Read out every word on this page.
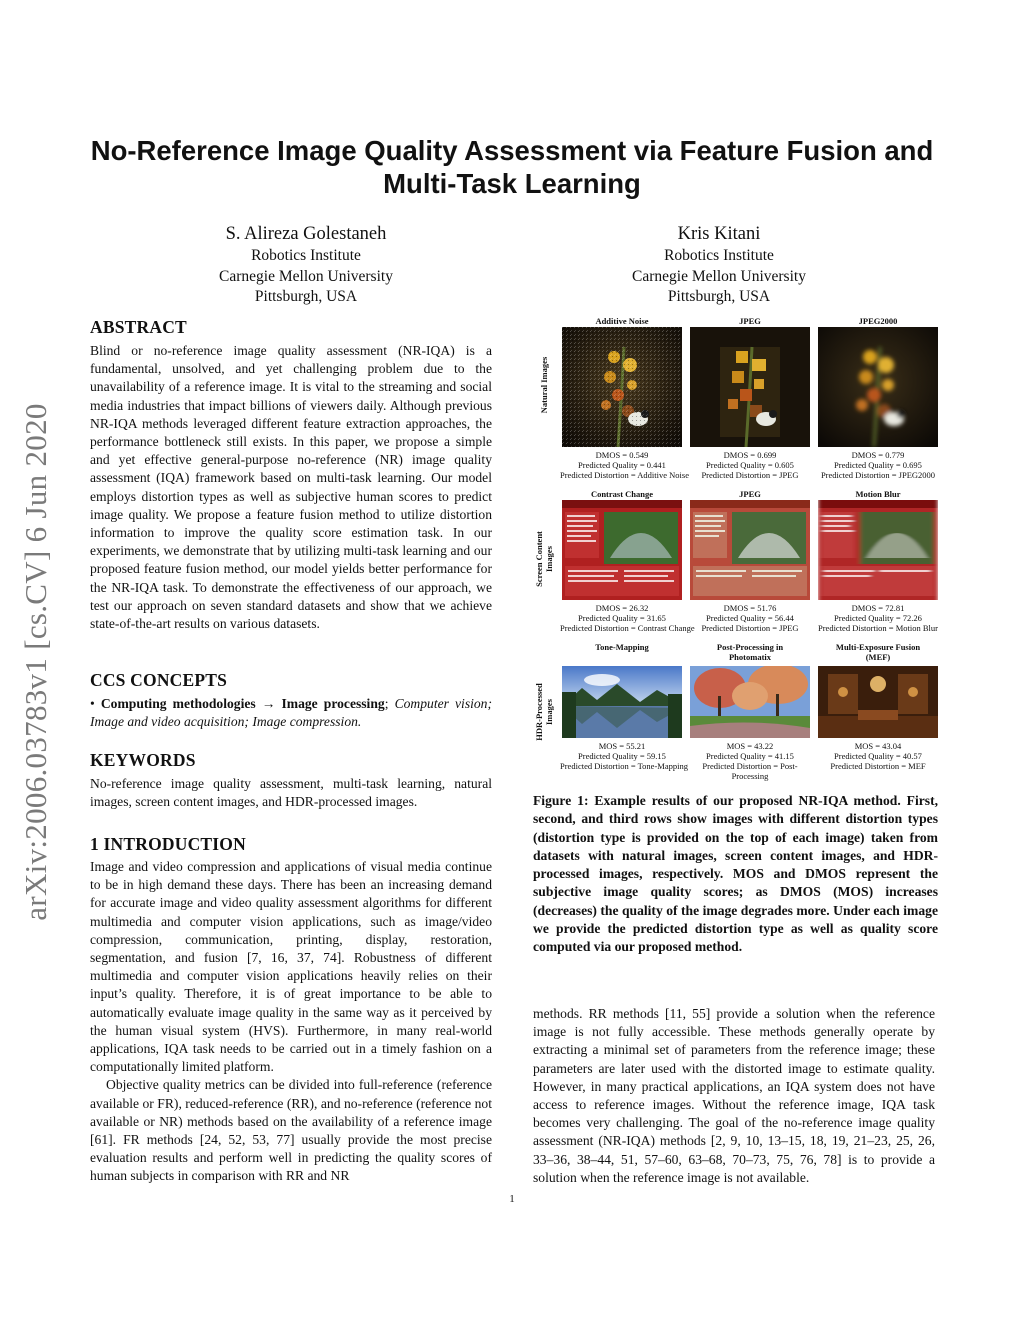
No-Reference Image Quality Assessment via Feature Fusion and Multi-Task Learning
S. Alireza Golestaneh
Robotics Institute
Carnegie Mellon University
Pittsburgh, USA
Kris Kitani
Robotics Institute
Carnegie Mellon University
Pittsburgh, USA
arXiv:2006.03783v1 [cs.CV] 6 Jun 2020
ABSTRACT

Blind or no-reference image quality assessment (NR-IQA) is a fundamental, unsolved, and yet challenging problem due to the unavailability of a reference image. It is vital to the streaming and social media industries that impact billions of viewers daily. Although previous NR-IQA methods leveraged different feature extraction approaches, the performance bottleneck still exists. In this paper, we propose a simple and yet effective general-purpose no-reference (NR) image quality assessment (IQA) framework based on multi-task learning. Our model employs distortion types as well as subjective human scores to predict image quality. We propose a feature fusion method to utilize distortion information to improve the quality score estimation task. In our experiments, we demonstrate that by utilizing multi-task learning and our proposed feature fusion method, our model yields better performance for the NR-IQA task. To demonstrate the effectiveness of our approach, we test our approach on seven standard datasets and show that we achieve state-of-the-art results on various datasets.

CCS CONCEPTS

• Computing methodologies → Image processing; Computer vision; Image and video acquisition; Image compression.

KEYWORDS

No-reference image quality assessment, multi-task learning, natural images, screen content images, and HDR-processed images.

1 INTRODUCTION

Image and video compression and applications of visual media continue to be in high demand these days. There has been an increasing demand for accurate image and video quality assessment algorithms for different multimedia and computer vision applications, such as image/video compression, communication, printing, display, restoration, segmentation, and fusion [7, 16, 37, 74]. Robustness of different multimedia and computer vision applications heavily relies on their input’s quality. Therefore, it is of great importance to be able to automatically evaluate image quality in the same way as it perceived by the human visual system (HVS). Furthermore, in many real-world applications, IQA task needs to be carried out in a timely fashion on a computationally limited platform.

Objective quality metrics can be divided into full-reference (reference available or FR), reduced-reference (RR), and no-reference (reference not available or NR) methods based on the availability of a reference image [61]. FR methods [24, 52, 53, 77] usually provide the most precise evaluation results and perform well in predicting the quality scores of human subjects in comparison with RR and NR

Natural Images
Screen Content Images
HDR-Processed Images
Additive Noise
DMOS = 0.549
Predicted Quality = 0.441
Predicted Distortion = Additive Noise
JPEG
DMOS = 0.699
Predicted Quality = 0.605
Predicted Distortion = JPEG
JPEG2000
DMOS = 0.779
Predicted Quality = 0.695
Predicted Distortion = JPEG2000
Contrast Change
DMOS = 26.32
Predicted Quality = 31.65
Predicted Distortion = Contrast Change
JPEG
DMOS = 51.76
Predicted Quality = 56.44
Predicted Distortion = JPEG
Motion Blur
DMOS = 72.81
Predicted Quality = 72.26
Predicted Distortion = Motion Blur
Tone-Mapping
MOS = 55.21
Predicted Quality = 59.15
Predicted Distortion = Tone-Mapping
Post-Processing in Photomatix
MOS = 43.22
Predicted Quality = 41.15
Predicted Distortion = Post-Processing
Multi-Exposure Fusion (MEF)
MOS = 43.04
Predicted Quality = 40.57
Predicted Distortion = MEF
Figure 1: Example results of our proposed NR-IQA method. First, second, and third rows show images with different distortion types (distortion type is provided on the top of each image) taken from datasets with natural images, screen content images, and HDR-processed images, respectively. MOS and DMOS represent the subjective image quality scores; as DMOS (MOS) increases (decreases) the quality of the image degrades more. Under each image we provide the predicted distortion type as well as quality score computed via our proposed method.

methods. RR methods [11, 55] provide a solution when the reference image is not fully accessible. These methods generally operate by extracting a minimal set of parameters from the reference image; these parameters are later used with the distorted image to estimate quality. However, in many practical applications, an IQA system does not have access to reference images. Without the reference image, IQA task becomes very challenging. The goal of the no-reference image quality assessment (NR-IQA) methods [2, 9, 10, 13–15, 18, 19, 21–23, 25, 26, 33–36, 38–44, 51, 57–60, 63–68, 70–73, 75, 76, 78] is to provide a solution when the reference image is not available.

1
